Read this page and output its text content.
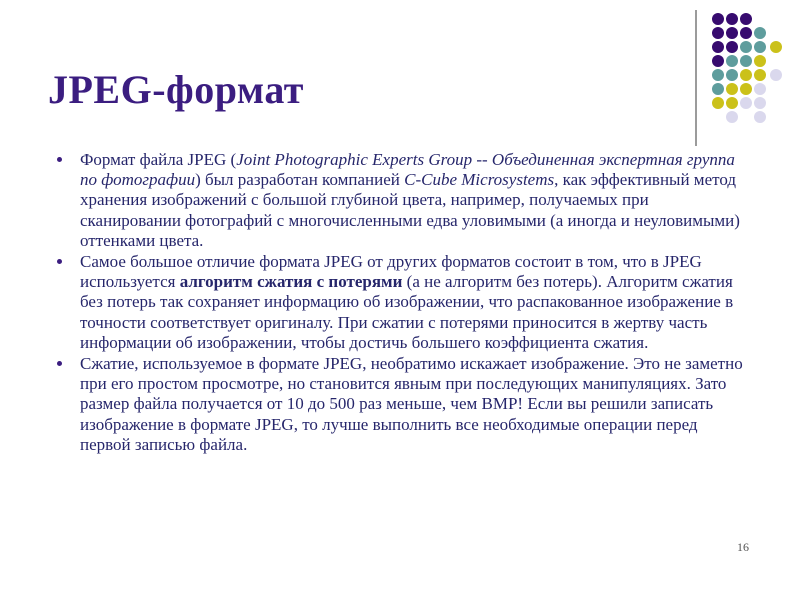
JPEG-формат
Формат файла JPEG (Joint Photographic Experts Group -- Объединенная экспертная группа по фотографии) был разработан компанией C-Cube Microsystems, как эффективный метод хранения изображений с большой глубиной цвета, например, получаемых при сканировании фотографий с многочисленными едва уловимыми (а иногда и неуловимыми) оттенками цвета.
Самое большое отличие формата JPEG от других форматов состоит в том, что в JPEG используется алгоритм сжатия с потерями (а не алгоритм без потерь). Алгоритм сжатия без потерь так сохраняет информацию об изображении, что распакованное изображение в точности соответствует оригиналу. При сжатии с потерями приносится в жертву часть информации об изображении, чтобы достичь большего коэффициента сжатия.
Сжатие, используемое в формате JPEG, необратимо искажает изображение. Это не заметно при его простом просмотре, но становится явным при последующих манипуляциях. Зато размер файла получается от 10 до 500 раз меньше, чем BMP! Если вы решили записать изображение в формате JPEG, то лучше выполнить все необходимые операции перед первой записью файла.
16
